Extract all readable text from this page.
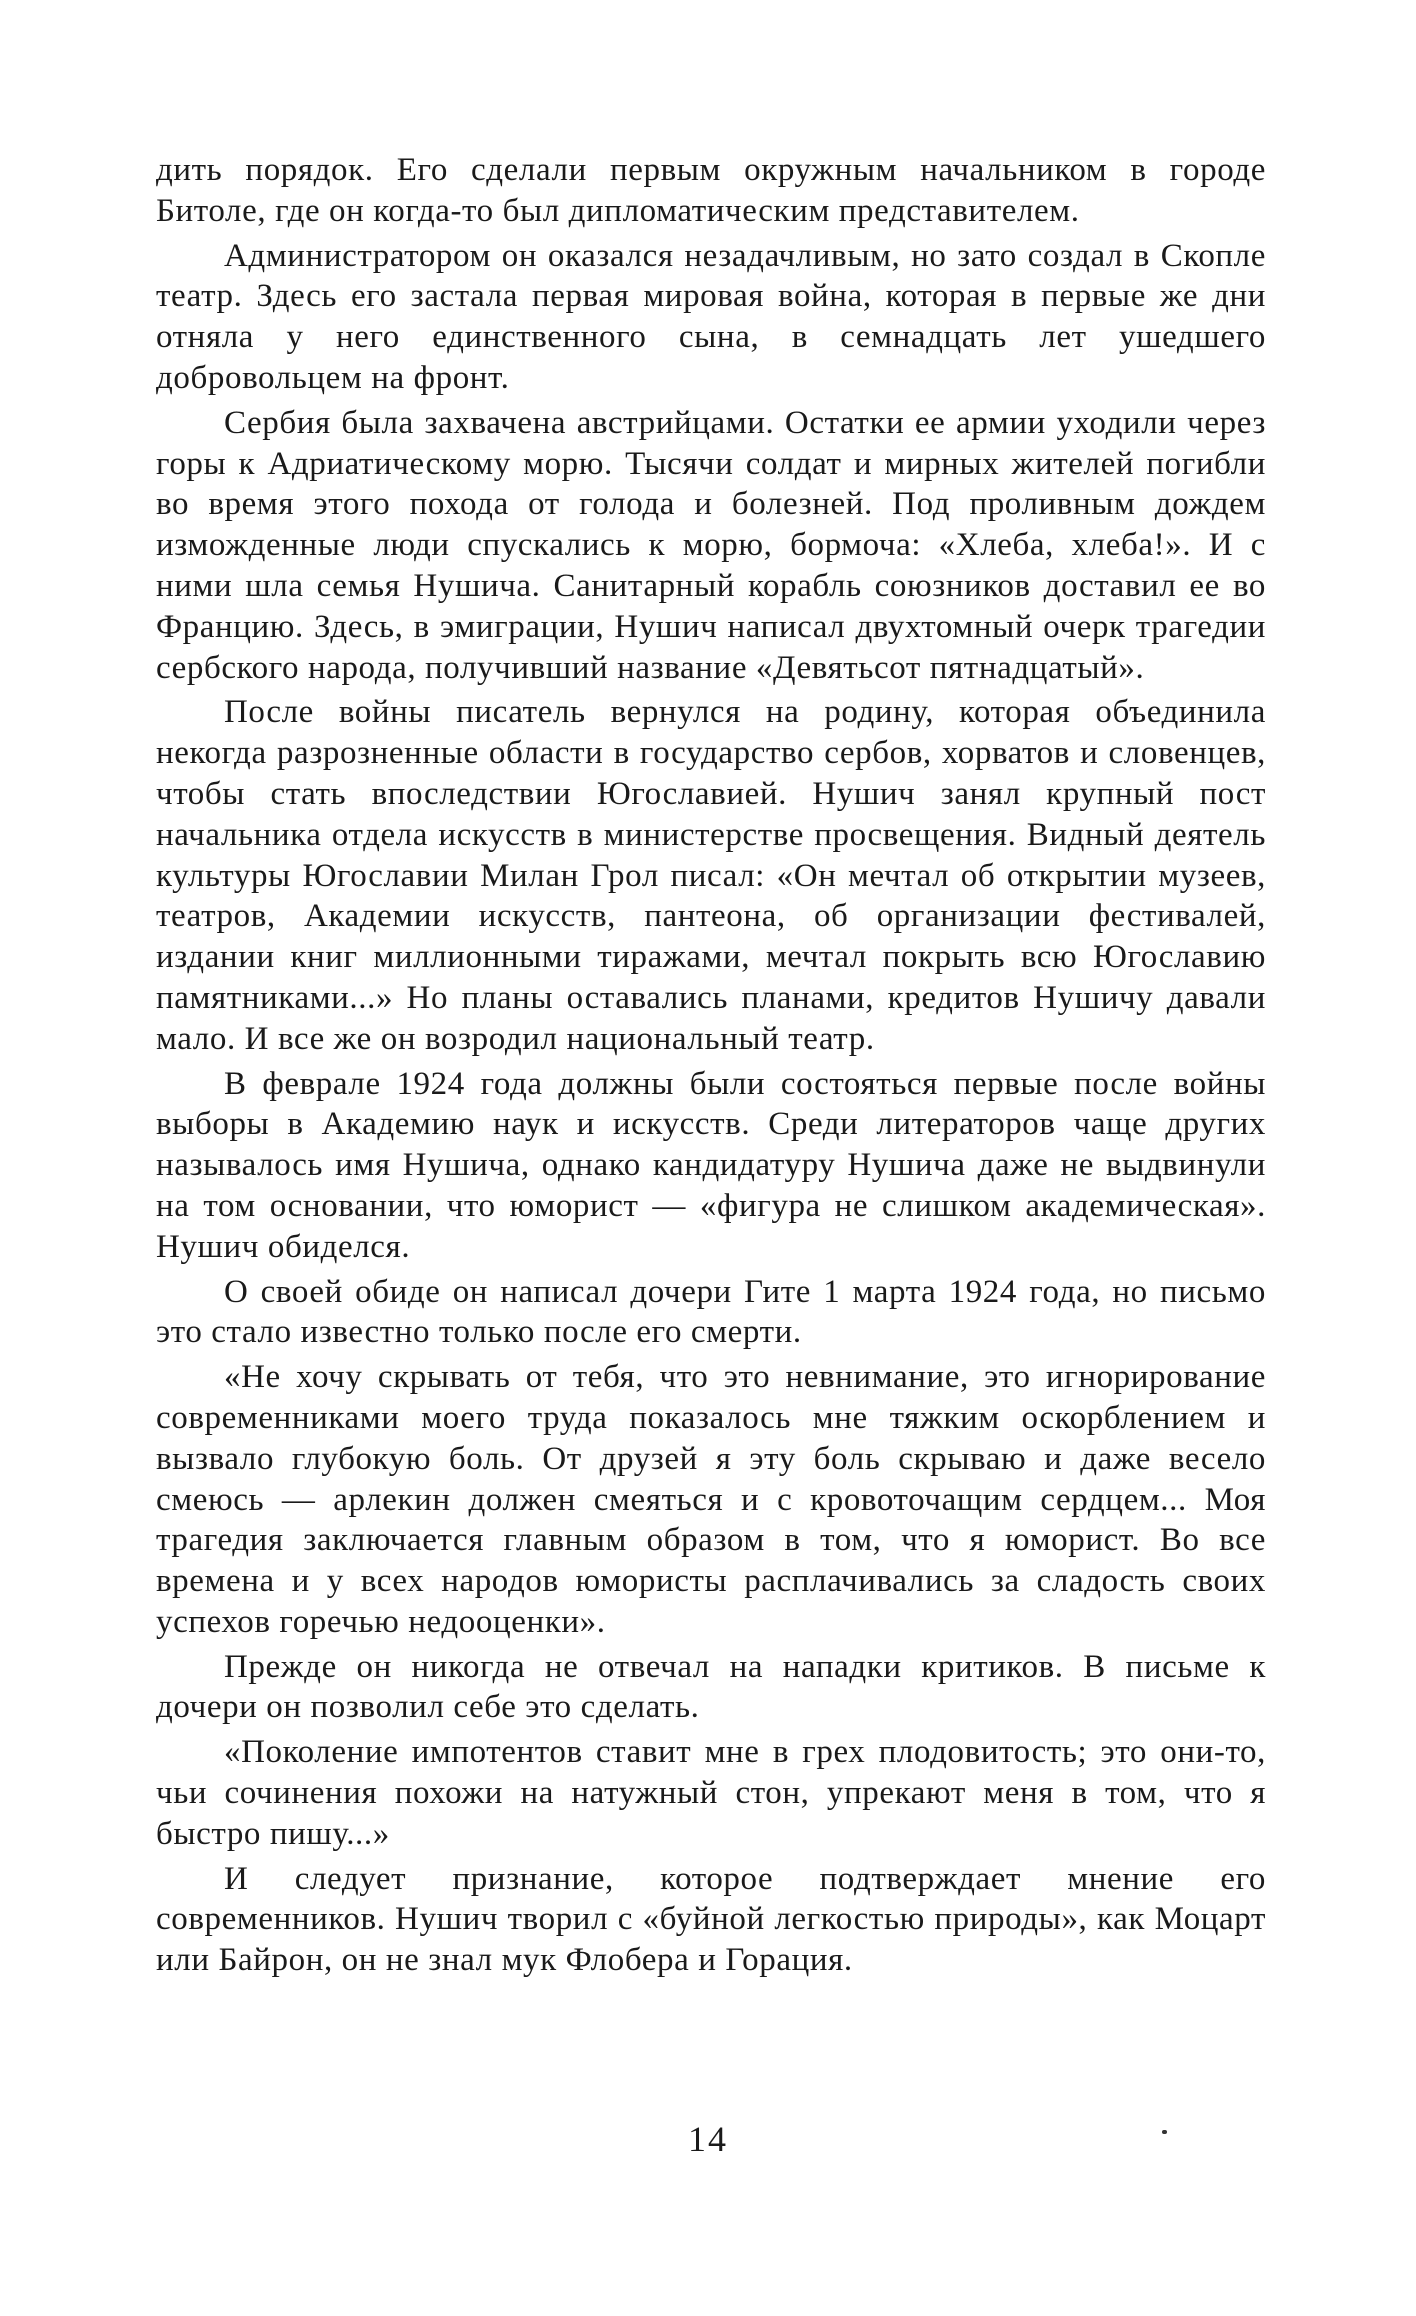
дить порядок. Его сделали первым окружным начальником в городе Битоле, где он когда-то был дипломатическим представителем.

Администратором он оказался незадачливым, но зато создал в Скопле театр. Здесь его застала первая мировая война, которая в первые же дни отняла у него единственного сына, в семнадцать лет ушедшего добровольцем на фронт.

Сербия была захвачена австрийцами. Остатки ее армии уходили через горы к Адриатическому морю. Тысячи солдат и мирных жителей погибли во время этого похода от голода и болезней. Под проливным дождем изможденные люди спускались к морю, бормоча: «Хлеба, хлеба!». И с ними шла семья Нушича. Санитарный корабль союзников доставил ее во Францию. Здесь, в эмиграции, Нушич написал двухтомный очерк трагедии сербского народа, получивший название «Девятьсот пятнадцатый».

После войны писатель вернулся на родину, которая объединила некогда разрозненные области в государство сербов, хорватов и словенцев, чтобы стать впоследствии Югославией. Нушич занял крупный пост начальника отдела искусств в министерстве просвещения. Видный деятель культуры Югославии Милан Грол писал: «Он мечтал об открытии музеев, театров, Академии искусств, пантеона, об организации фестивалей, издании книг миллионными тиражами, мечтал покрыть всю Югославию памятниками...» Но планы оставались планами, кредитов Нушичу давали мало. И все же он возродил национальный театр.

В феврале 1924 года должны были состояться первые после войны выборы в Академию наук и искусств. Среди литераторов чаще других называлось имя Нушича, однако кандидатуру Нушича даже не выдвинули на том основании, что юморист — «фигура не слишком академическая». Нушич обиделся.

О своей обиде он написал дочери Гите 1 марта 1924 года, но письмо это стало известно только после его смерти.

«Не хочу скрывать от тебя, что это невнимание, это игнорирование современниками моего труда показалось мне тяжким оскорблением и вызвало глубокую боль. От друзей я эту боль скрываю и даже весело смеюсь — арлекин должен смеяться и с кровоточащим сердцем... Моя трагедия заключается главным образом в том, что я юморист. Во все времена и у всех народов юмористы расплачивались за сладость своих успехов горечью недооценки».

Прежде он никогда не отвечал на нападки критиков. В письме к дочери он позволил себе это сделать.

«Поколение импотентов ставит мне в грех плодовитость; это они-то, чьи сочинения похожи на натужный стон, упрекают меня в том, что я быстро пишу...»

И следует признание, которое подтверждает мнение его современников. Нушич творил с «буйной легкостью природы», как Моцарт или Байрон, он не знал мук Флобера и Горация.

14
